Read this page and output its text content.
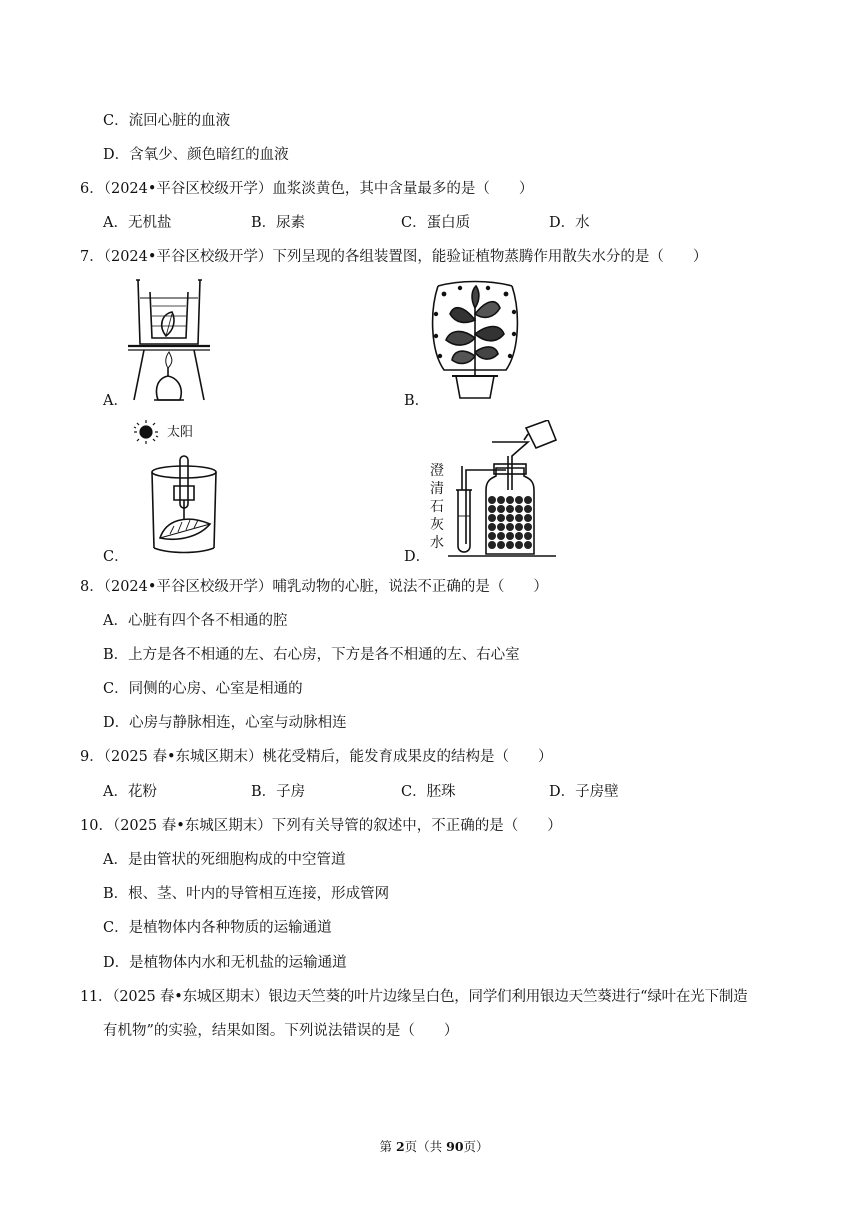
C．流回心脏的血液
D．含氧少、颜色暗红的血液
6．（2024•平谷区校级开学）血浆淡黄色，其中含量最多的是（　　）
A．无机盐	B．尿素	C．蛋白质	D．水
7．（2024•平谷区校级开学）下列呈现的各组装置图，能验证植物蒸腾作用散失水分的是（　　）
A．	B．
太阳
C．
澄
清
石
灰
水
D．
8．（2024•平谷区校级开学）哺乳动物的心脏，说法不正确的是（　　）
A．心脏有四个各不相通的腔
B．上方是各不相通的左、右心房，下方是各不相通的左、右心室
C．同侧的心房、心室是相通的
D．心房与静脉相连，心室与动脉相连
9．（2025 春•东城区期末）桃花受精后，能发育成果皮的结构是（　　）
A．花粉	B．子房	C．胚珠	D．子房壁
10．（2025 春•东城区期末）下列有关导管的叙述中，不正确的是（　　）
A．是由管状的死细胞构成的中空管道
B．根、茎、叶内的导管相互连接，形成管网
C．是植物体内各种物质的运输通道
D．是植物体内水和无机盐的运输通道
11．（2025 春•东城区期末）银边天竺葵的叶片边缘呈白色，同学们利用银边天竺葵进行“绿叶在光下制造
有机物”的实验，结果如图。下列说法错误的是（　　）
第 2页（共 90页）
